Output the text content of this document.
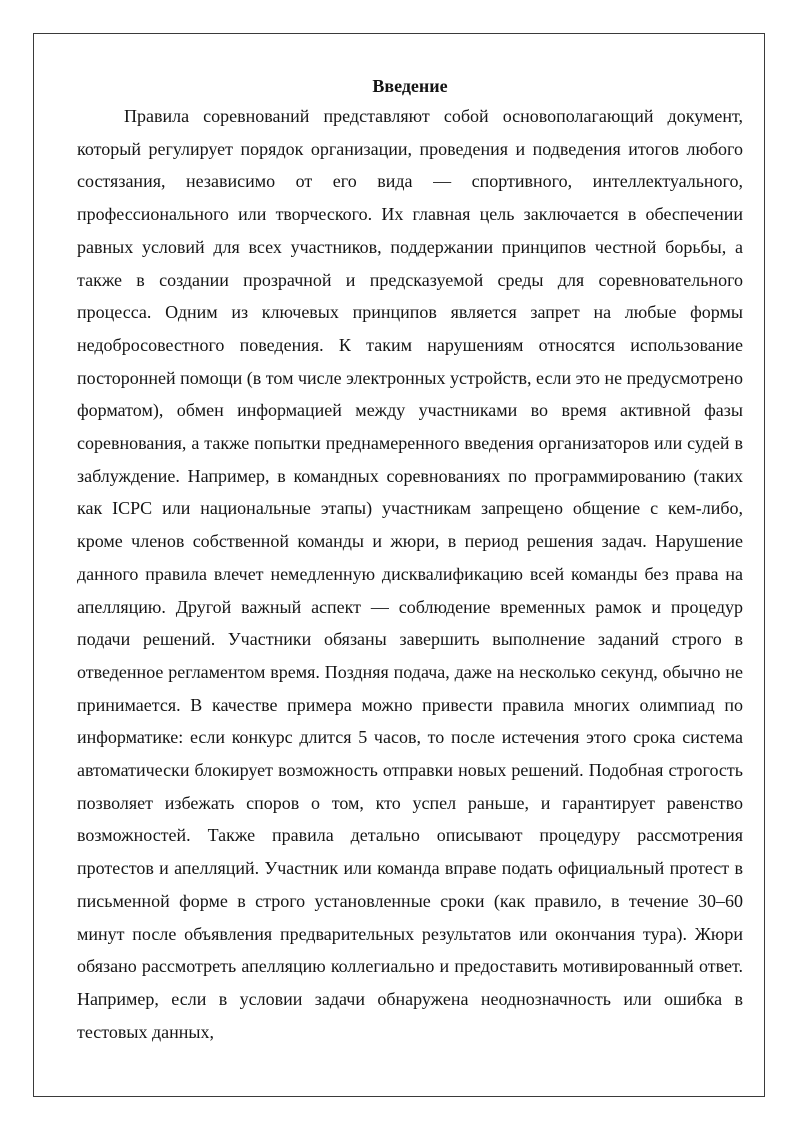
Введение

Правила соревнований представляют собой основополагающий документ, который регулирует порядок организации, проведения и подведения итогов любого состязания, независимо от его вида — спортивного, интеллектуального, профессионального или творческого. Их главная цель заключается в обеспечении равных условий для всех участников, поддержании принципов честной борьбы, а также в создании прозрачной и предсказуемой среды для соревновательного процесса. Одним из ключевых принципов является запрет на любые формы недобросовестного поведения. К таким нарушениям относятся использование посторонней помощи (в том числе электронных устройств, если это не предусмотрено форматом), обмен информацией между участниками во время активной фазы соревнования, а также попытки преднамеренного введения организаторов или судей в заблуждение. Например, в командных соревнованиях по программированию (таких как ICPC или национальные этапы) участникам запрещено общение с кем-либо, кроме членов собственной команды и жюри, в период решения задач. Нарушение данного правила влечет немедленную дисквалификацию всей команды без права на апелляцию. Другой важный аспект — соблюдение временных рамок и процедур подачи решений. Участники обязаны завершить выполнение заданий строго в отведенное регламентом время. Поздняя подача, даже на несколько секунд, обычно не принимается. В качестве примера можно привести правила многих олимпиад по информатике: если конкурс длится 5 часов, то после истечения этого срока система автоматически блокирует возможность отправки новых решений. Подобная строгость позволяет избежать споров о том, кто успел раньше, и гарантирует равенство возможностей. Также правила детально описывают процедуру рассмотрения протестов и апелляций. Участник или команда вправе подать официальный протест в письменной форме в строго установленные сроки (как правило, в течение 30–60 минут после объявления предварительных результатов или окончания тура). Жюри обязано рассмотреть апелляцию коллегиально и предоставить мотивированный ответ. Например, если в условии задачи обнаружена неоднозначность или ошибка в тестовых данных,
